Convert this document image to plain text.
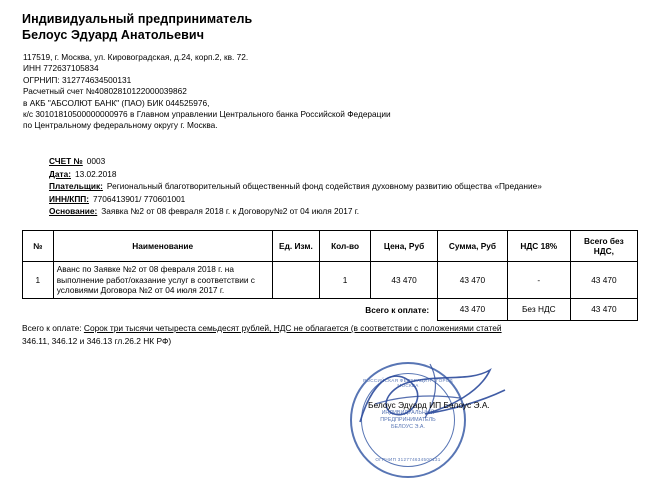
Индивидуальный предприниматель
Белоус Эдуард Анатольевич
117519, г. Москва, ул. Кировоградская, д.24, корп.2, кв. 72.
ИНН 772637105834
ОГРНИП: 312774634500131
Расчетный счет №40802810122000039862
в АКБ "АБСОЛЮТ БАНК" (ПАО) БИК 044525976,
к/с 30101810500000000976 в Главном управлении Центрального банка Российской Федерации
по Центральному федеральному округу г. Москва.
СЧЕТ № 0003
Дата: 13.02.2018
Плательщик: Региональный благотворительный общественный фонд содействия духовному развитию общества «Предание»
ИНН/КПП: 7706413901/ 770601001
Основание: Заявка №2 от 08 февраля 2018 г. к Договору№2 от 04 июля 2017 г.
№	Наименование	Ед. Изм.	Кол-во	Цена, Руб	Сумма, Руб	НДС 18%	Всего без НДС,
1	Аванс по Заявке №2 от 08 февраля 2018 г. на выполнение работ/оказание услуг в соответствии с условиями Договора №2 от 04 июля 2017 г.		1	43 470	43 470	-	43 470
Всего к оплате:					43 470	Без НДС	43 470
Всего к оплате: Сорок три тысячи четыреста семьдесят рублей, НДС не облагается (в соответствии с положениями статей
346.11, 346.12 и 346.13 гл.26.2 НК РФ)
РОССИЙСКАЯ ФЕДЕРАЦИЯ · ГОРОД МОСКВА
ИНДИВИДУАЛЬНЫЙ
ПРЕДПРИНИМАТЕЛЬ
БЕЛОУС Э.А.
ОГРНИП 312774634500131
Белоус Эдуард ИП Белоус Э.А.
